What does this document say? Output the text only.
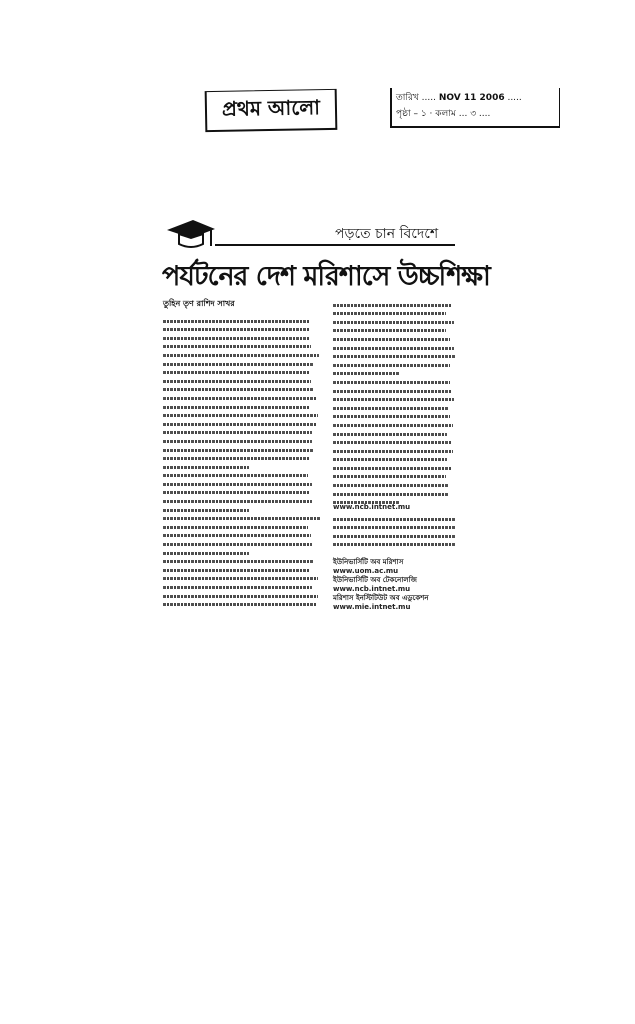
প্রথম আলো	তারিখ ..... NOV 11 2006 .....
পৃষ্ঠা – ১ · কলাম ... ৩ ....
পড়তে চান বিদেশে
পর্যটনের দেশ মরিশাসে উচ্চশিক্ষা
তুহিন তৃণ রাশিদ সাখর
www.ncb.intnet.mu
ইউনিভার্সিটি অব মরিশাস
www.uom.ac.mu
ইউনিভার্সিটি অব টেকনোলজি
www.ncb.intnet.mu
মরিশাস ইনস্টিটিউট অব এডুকেশন
www.mie.intnet.mu
